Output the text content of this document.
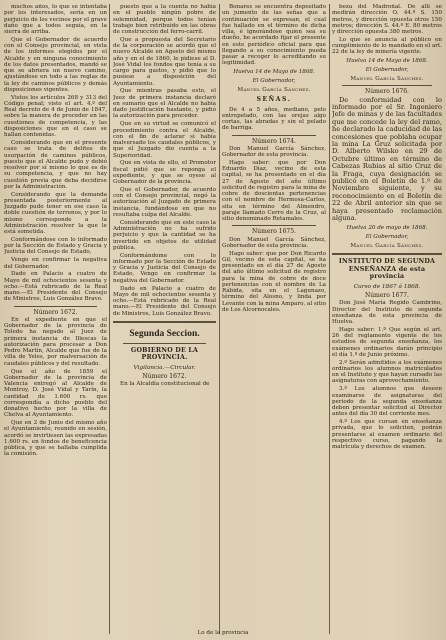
muchos años, lo que se intentaba por los interesados, sería en un perjuicio de los vecinos por el grave daño que a todos seguía, en la sierra de arriba.

Que el Gobernador de acuerdo con el Consejo provincial, en vista de los informes elegidos por el Alcalde y en ninguna conocimiento de los datos presentados, mandó se que se abriera un nuevo camino, ajustándose en todo a las reglas de la ley de caminos públicos y demás disposiciones vigentes.

Vistos los artículos 268 y 313 del Código penal; visto el art. 4.º del Real decreto de 4 de Junio de 1847, sobre la manera de proceder en las cuestiones de competencia, y las disposiciones que en el caso se hallan contenidas.

Considerando que en el presente caso se trata de delitos de usurpación de caminos públicos, puesto que el Alcalde pudo y debió resolver por sí mismo lo que es de su competencia, y que no hay cuestión previa que deba decidirse por la Administración.

Considerando que la demanda presentada posteriormente al Juzgado pudo tener en ese caso la doble cuestión de terrenos, y por lo mismo corresponde a la Administración resolver la que le está sometida.

Conformándose con lo informado por la Sección de Estado y Gracia y Justicia del Consejo de Estado,

Vengo en confirmar la negativa del Gobernador.

Dado en Palacio a cuatro de Mayo de mil ochocientos sesenta y ocho.—Está rubricado de la Real mano.—El Presidente del Consejo de Ministros, Luis González Bravo.

Número 1672.

En el expediente en que el Gobernador de la provincia de Toledo ha negado al Juez de primera instancia de Illescas la autorización para procesar a Don Pedro Martín, Alcalde que fue de la villa de Yeles, por malversación de caudales públicos y del resultado.

Que el año de 1859 el Gobernador de la provincia de Valencia entregó al Alcalde de Montroy, D. José Vidal y Tarín, la cantidad de 1.600 rs. que correspondía a dicho pueblo del donativo hecho por la villa de Chelva al Ayuntamiento.

Que en 2 de Junio del mismo año el Ayuntamiento, reunido en sesión, acordó se invirtiesen las expresadas 1.600 rs. en fondos de beneficencia pública, y que se hallaba cumplida la comisión.

puesto que a la cuenta no había en el pueblo ningún pobre de solemnidad, porque todos tenían trabajo bien retribuido en las obras de construcción del ferro-carril.

Que a propuesta del Secretario de la corporación se acordó que el nuevo Alcalde en Agosto del mismo año y en el de 1860, le pidiese al D. José Vidal los fondos que tenía a su cargo para gastos, y pidió que lo pusiese a disposición del Ayuntamiento.

Que mientras pasaba esto, el Juez de primera instancia declaró en sumario que el Alcalde no había dado justificación bastante, y pidió la autorización para proceder.

Que en su virtud se comunicó el procedimiento contra el Alcalde, con el fin de aclarar si había malversado los caudales públicos, y que el Juzgado dio cuenta a la Superioridad.

Que en vista de ello, el Promotor fiscal pidió que se reponga el expediente, y que se oyese al Gobernador de la provincia.

Que el Gobernador, de acuerdo con el Consejo provincial, negó la autorización al Juzgado de primera instancia, fundándose en que no resultaba culpa del Alcalde.

Considerando que en este caso la Administración no ha sufrido perjuicio y que la cantidad se ha invertido en objetos de utilidad pública.

Conformándome con lo informado por la Sección de Estado y Gracia y Justicia del Consejo de Estado, Vengo en confirmar la negativa del Gobernador.

Dado en Palacio a cuatro de Mayo de mil ochocientos sesenta y ocho.—Está rubricado de la Real mano.—El Presidente del Consejo de Ministros, Luis González Bravo.

Segunda Seccion.

GOBIERNO DE LA PROVINCIA.

Vigilancia.—Circular.

Número 1672.

En la Alcaldía constitucional de

Bonares se encuentra depositado un jumento de las señas que a continuación se expresan, el cual fue hallado en el término de dicha villa, é ignorándose quien sea su dueño, he acordado fijar el presente en este periódico oficial para que llegando a su conocimiento pueda pasar a recoger lo acreditando su legitimidad.

Huelva 14 de Mayo de 1868.

El Gobernador,

Manuel García Sánchez.

SEÑAS.

De 4 a 5 años, mediano, pelo entrepelado, con las orejas algo cortas, las abradas y sin el pelado de barriga.

Número 1674.

Don Manuel García Sánchez, Gobernador de esta provincia.

Hago saber: que por Don Eduardo Díaz, vecino de esta capital, se ha presentado en el día 27 de Agosto del año último solicitud de registro para la mina de cobre de doscientas pertenencias con el nombre de Hermosa-Carlos, sita en término del Almendro, paraje llamado Cerro de la Cruz, al sitio denominado Retamales.

Número 1675.

Don Manuel García Sánchez, Gobernador de esta provincia.

Hago saber: que por Don Ricardo Gil, vecino de esta capital, se ha presentado en el día 27 de Agosto del año último solicitud de registro para la mina de cobre de doce pertenencias con el nombre de La Rábida, sita en el Lagunazo, término del Alosno, y linda por Levante con la mina Amparo, al sitio de Los Alcornocales.

beza del Madroñal. De allí se medirán dirección O. 44.º S. 150 metros, y dirección opuesta otros 150 metros; dirección S. 44.º E. 80 metros y dirección opuesta 380 metros.

Lo que se anuncia al público en cumplimiento de lo mandado en el art. 22 de la ley de minería vigente.

Huelva 14 de Mayo de 1868.

El Gobernador,

Manuel García Sánchez.

Número 1676.

De conformidad con lo informado por el Sr. Ingeniero Jefe de minas y de las facultades que me concede la ley del ramo, he declarado la caducidad de las concesiones que poblaba ocupar la mina La Gruz solicitada por D. Alberto Wilsko en 29 de Octubre último en término de Cabezas Rubias al sitio Cruz de la Fraga, cuya designación se publicó en el Boletín de 1.º de Noviembre siguiente, y su reconocimiento en el Boletín de 22 de Abril anterior sin que se haya presentado reclamación alguna.

Huelva 20 de mayo de 1868.

El Gobernador,

Manuel García Sánchez.

INSTITUTO DE SEGUNDA ENSEÑANZA de esta provincia

Curso de 1867 á 1868.

Número 1677.

Don José María Regido Cambrino, Director del Instituto de segunda enseñanza de esta provincia de Huelva.

Hago saber: 1.º Que según el art. 26 del reglamento vigente de los estudios de segunda enseñanza, los exámenes ordinarios darán principio el día 1.º de Junio próximo.

2.º Serán admitidos a los exámenes ordinarios los alumnos matriculados en el Instituto y que hayan cursado las asignaturas con aprovechamiento.

3.º Los alumnos que deseen examinarse de asignaturas del periodo de la segunda enseñanza deben presentar solicitud al Director antes del día 30 del corriente mes.

4.º Los que cursan en enseñanza privada, que lo soliciten, podrán presentarse al examen ordinario del respectivo curso, pagando la matrícula y derechos de examen.

Lo de la provincia
